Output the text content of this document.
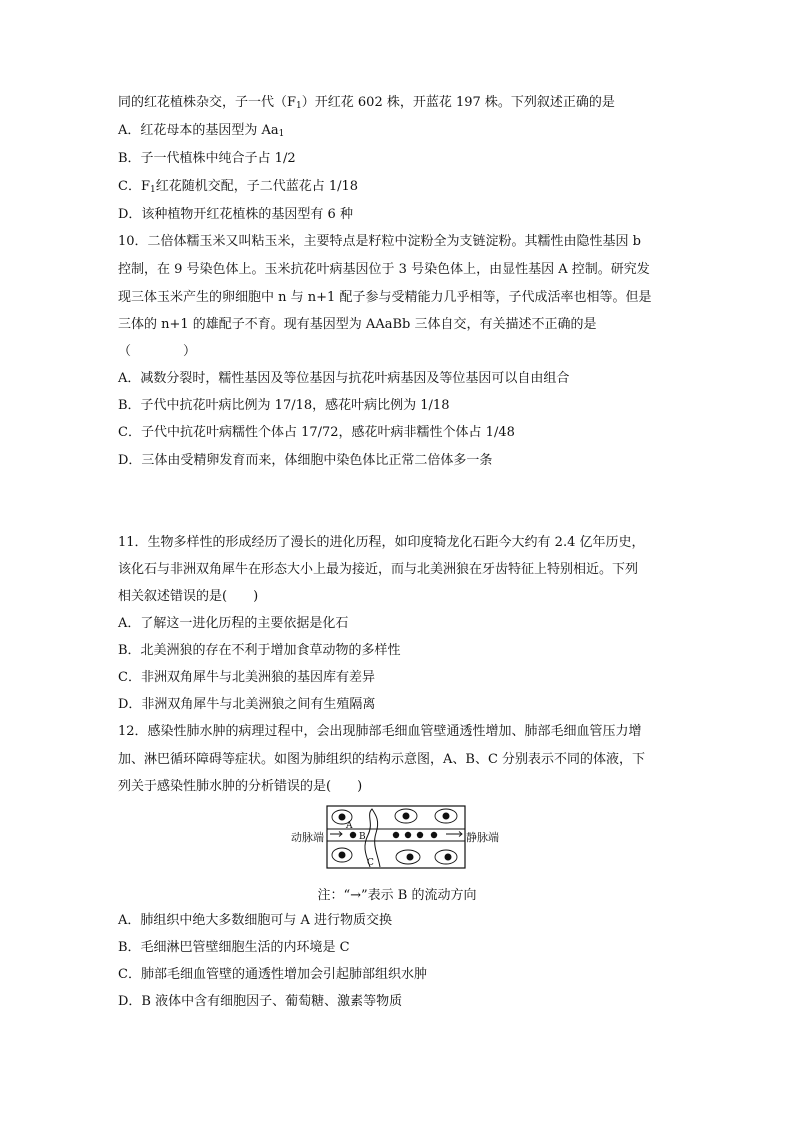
同的红花植株杂交，子一代$(F_1)$开红花 602 株，开蓝花 197 株。下列叙述正确的是
A．红花母本的基因型为 $Aa_1$
B．子一代植株中纯合子占 1/2
C．$F_1$红花随机交配，子二代蓝花占 1/18
D．该种植物开红花植株的基因型有 6 种
10．二倍体糯玉米又叫粘玉米，主要特点是籽粒中淀粉全为支链淀粉。其糯性由隐性基因 b
控制，在 9 号染色体上。玉米抗花叶病基因位于 3 号染色体上，由显性基因 A 控制。研究发
现三体玉米产生的卵细胞中 n 与 n+1 配子参与受精能力几乎相等，子代成活率也相等。但是
三体的 n+1 的雄配子不育。现有基因型为 AAaBb 三体自交，有关描述不正确的是
（　　　　）
A．减数分裂时，糯性基因及等位基因与抗花叶病基因及等位基因可以自由组合
B．子代中抗花叶病比例为 17/18，感花叶病比例为 1/18
C．子代中抗花叶病糯性个体占 17/72，感花叶病非糯性个体占 1/48
D．三体由受精卵发育而来，体细胞中染色体比正常二倍体多一条
11．生物多样性的形成经历了漫长的进化历程，如印度犄龙化石距今大约有 2.4 亿年历史，
该化石与非洲双角犀牛在形态大小上最为接近，而与北美洲狼在牙齿特征上特别相近。下列
相关叙述错误的是(　　)
A．了解这一进化历程的主要依据是化石
B．北美洲狼的存在不利于增加食草动物的多样性
C．非洲双角犀牛与北美洲狼的基因库有差异
D．非洲双角犀牛与北美洲狼之间有生殖隔离
12．感染性肺水肿的病理过程中，会出现肺部毛细血管壁通透性增加、肺部毛细血管压力增
加、淋巴循环障碍等症状。如图为肺组织的结构示意图，A、B、C 分别表示不同的体液，下
列关于感染性肺水肿的分析错误的是(　　)
动脉端	静脉端
A
B
C
注：“→”表示 B 的流动方向
A．肺组织中绝大多数细胞可与 A 进行物质交换
B．毛细淋巴管壁细胞生活的内环境是 C
C．肺部毛细血管壁的通透性增加会引起肺部组织水肿
D．B 液体中含有细胞因子、葡萄糖、激素等物质
